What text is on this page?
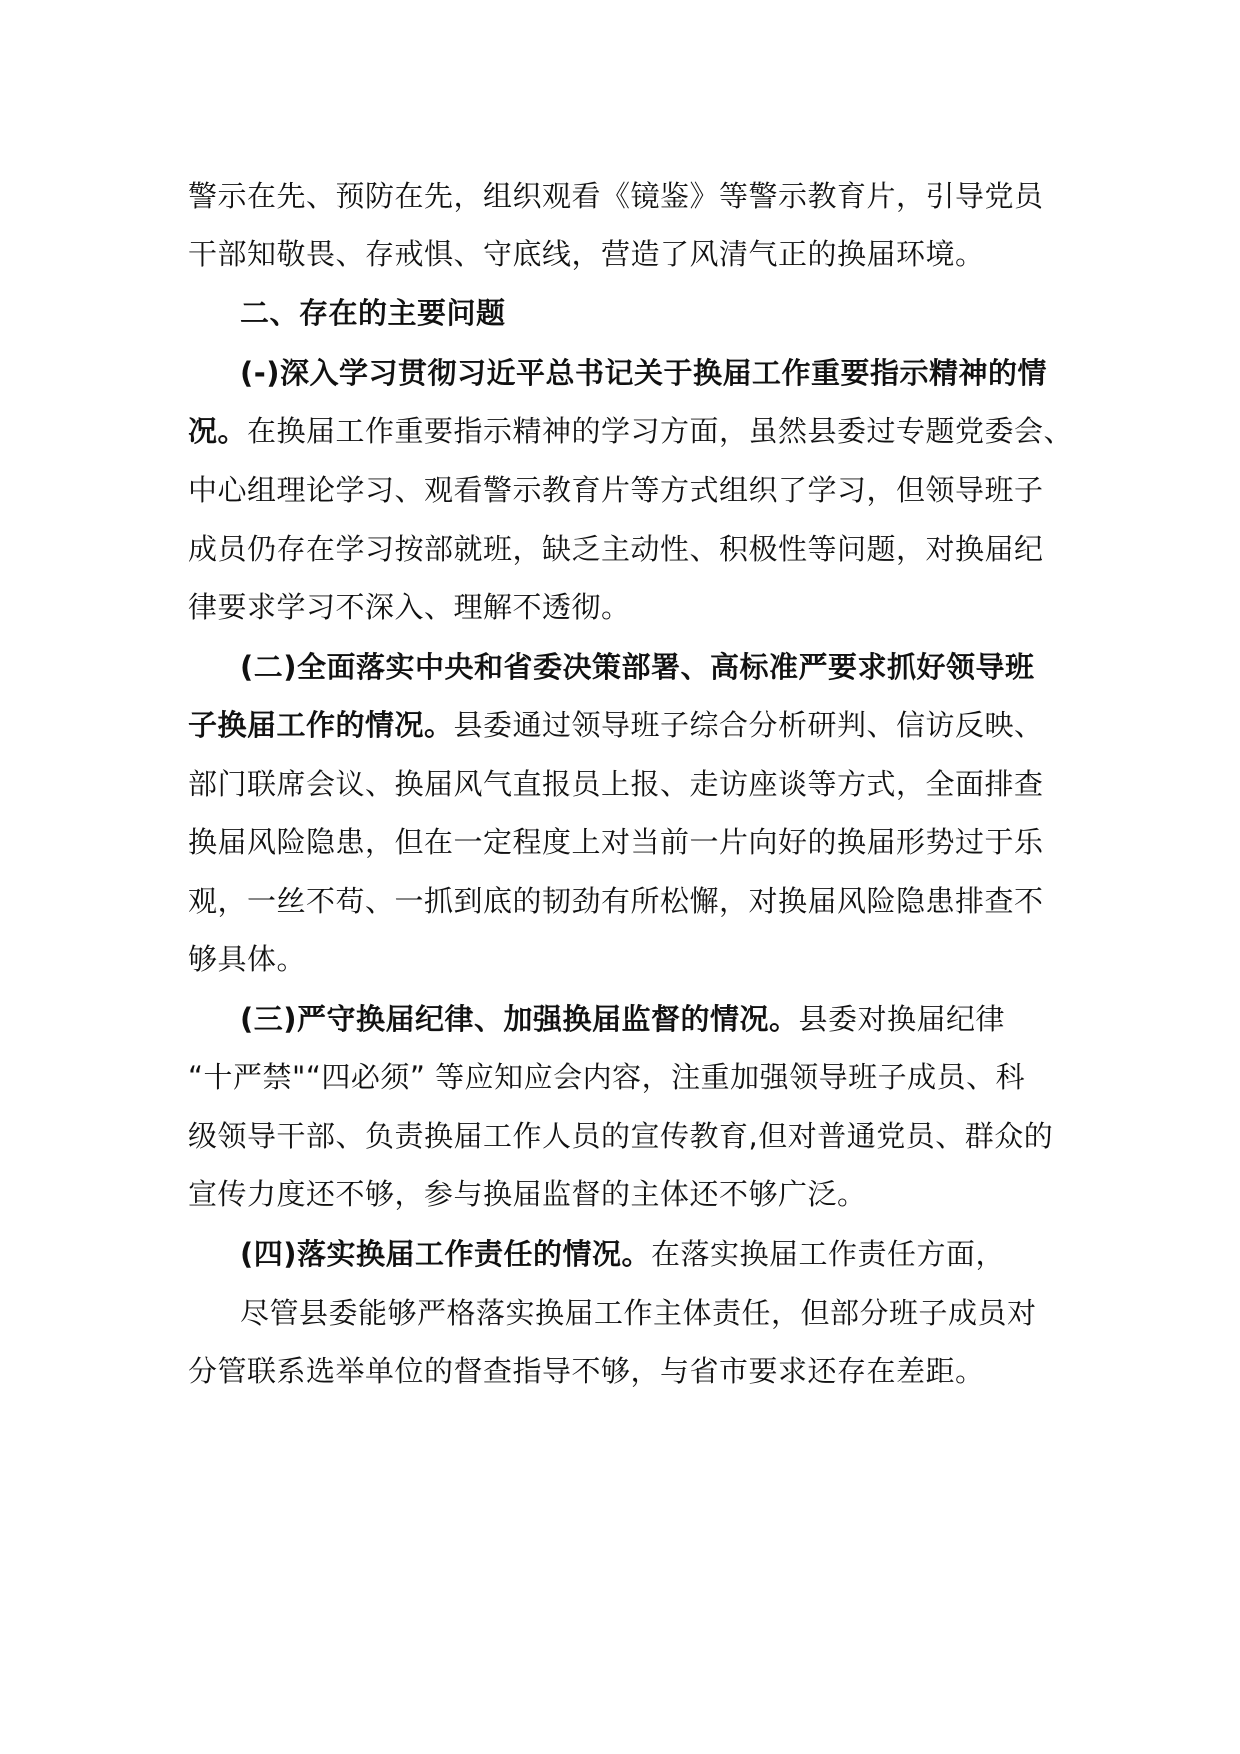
警示在先、预防在先，组织观看《镜鉴》等警示教育片，引导党员

干部知敬畏、存戒惧、守底线，营造了风清气正的换届环境。

二、存在的主要问题

(-)深入学习贯彻习近平总书记关于换届工作重要指示精神的情

况。在换届工作重要指示精神的学习方面，虽然县委过专题党委会、

中心组理论学习、观看警示教育片等方式组织了学习，但领导班子

成员仍存在学习按部就班，缺乏主动性、积极性等问题，对换届纪

律要求学习不深入、理解不透彻。

(二)全面落实中央和省委决策部署、高标准严要求抓好领导班

子换届工作的情况。县委通过领导班子综合分析研判、信访反映、

部门联席会议、换届风气直报员上报、走访座谈等方式，全面排查

换届风险隐患，但在一定程度上对当前一片向好的换届形势过于乐

观，一丝不苟、一抓到底的韧劲有所松懈，对换届风险隐患排查不

够具体。

(三)严守换届纪律、加强换届监督的情况。县委对换届纪律

“十严禁"“四必须” 等应知应会内容，注重加强领导班子成员、科

级领导干部、负责换届工作人员的宣传教育,但对普通党员、群众的

宣传力度还不够，参与换届监督的主体还不够广泛。

(四)落实换届工作责任的情况。在落实换届工作责任方面，

尽管县委能够严格落实换届工作主体责任，但部分班子成员对

分管联系选举单位的督查指导不够，与省市要求还存在差距。
